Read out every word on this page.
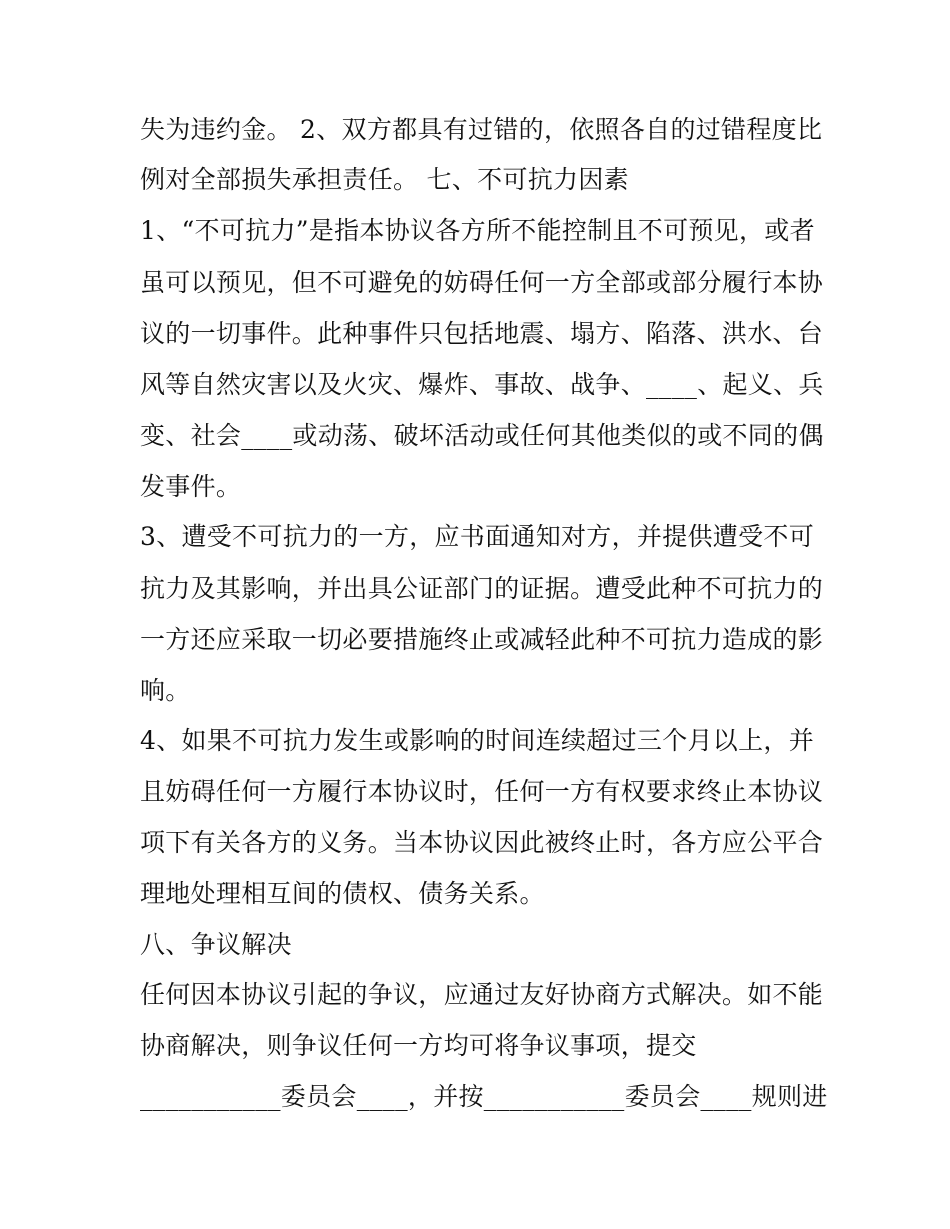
失为违约金。 2、双方都具有过错的，依照各自的过错程度比
例对全部损失承担责任。 七、不可抗力因素
1、“不可抗力”是指本协议各方所不能控制且不可预见，或者
虽可以预见，但不可避免的妨碍任何一方全部或部分履行本协
议的一切事件。此种事件只包括地震、塌方、陷落、洪水、台
风等自然灾害以及火灾、爆炸、事故、战争、____、起义、兵
变、社会____或动荡、破坏活动或任何其他类似的或不同的偶
发事件。
3、遭受不可抗力的一方，应书面通知对方，并提供遭受不可
抗力及其影响，并出具公证部门的证据。遭受此种不可抗力的
一方还应采取一切必要措施终止或减轻此种不可抗力造成的影
响。
4、如果不可抗力发生或影响的时间连续超过三个月以上，并
且妨碍任何一方履行本协议时，任何一方有权要求终止本协议
项下有关各方的义务。当本协议因此被终止时，各方应公平合
理地处理相互间的债权、债务关系。
八、争议解决
任何因本协议引起的争议，应通过友好协商方式解决。如不能
协商解决，则争议任何一方均可将争议事项，提交
___________委员会____，并按___________委员会____规则进
